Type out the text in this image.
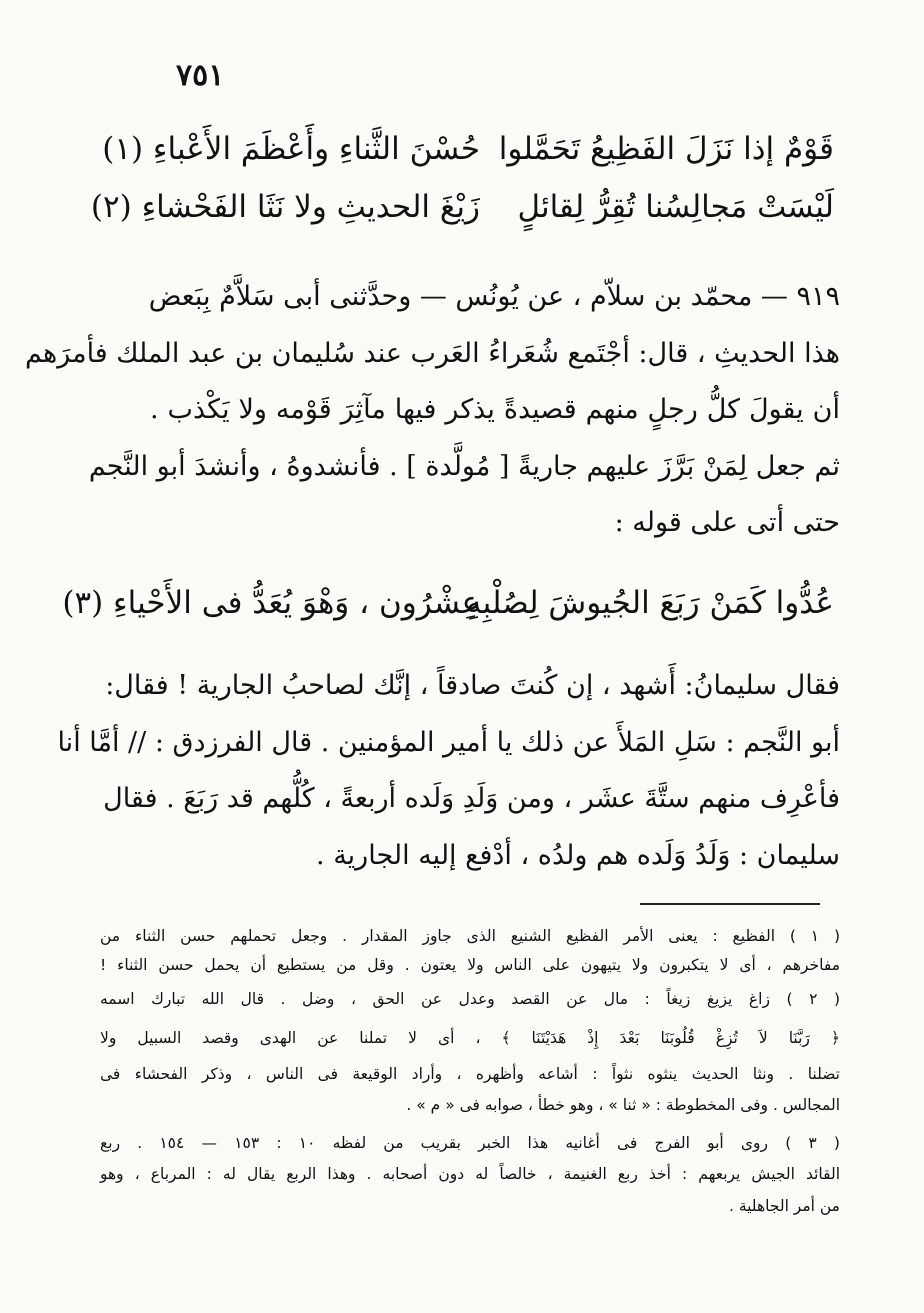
٧٥١
قَوْمٌ إذا نَزَلَ الفَظِيعُ تَحَمَّلوا
حُسْنَ الثَّناءِ وأَعْظَمَ الأَعْباءِ (١)
لَيْسَتْ مَجالِسُنا تُقِرُّ لِقائلٍ
زَيْغَ الحديثِ ولا نَثَا الفَحْشاءِ (٢)
٩١٩ — محمّد بن سلاّم ، عن يُونُس — وحدَّثنى أبى سَلاَّمٌ بِبَعض
هذا الحديثِ ، قال: أجْتَمع شُعَراءُ العَرب عند سُليمان بن عبد الملك فأمرَهم
أن يقولَ كلُّ رجلٍ منهم قصيدةً يذكر فيها مآثِرَ قَوْمه ولا يَكْذب .
ثم جعل لِمَنْ بَرَّزَ عليهم جاريةً [ مُولَّدة ] . فأنشدوهُ ، وأنشدَ أبو النَّجم
حتى أتى على قوله :
عُدُّوا كَمَنْ رَبَعَ الجُيوشَ لِصُلْبِهِ
عِشْرُون ، وَهْوَ يُعَدُّ فى الأَحْياءِ (٣)
فقال سليمانُ: أَشهد ، إن كُنتَ صادقاً ، إنَّك لصاحبُ الجارية ! فقال:
أبو النَّجم : سَلِ المَلأَ عن ذلك يا أمير المؤمنين . قال الفرزدق : // أمَّا أنا
فأعْرِف منهم ستَّةَ عشَر ، ومن وَلَدِ وَلَده أربعةً ، كُلُّهم قد رَبَعَ . فقال
سليمان : وَلَدُ وَلَده هم ولدُه ، أدْفع إليه الجارية .
( ١ ) الفظيع : يعنى الأمر الفظيع الشنيع الذى جاوز المقدار . وجعل تحملهم حسن الثناء من
مفاخرهم ، أى لا يتكبرون ولا يتيهون على الناس ولا يعتون . وقل من يستطيع أن يحمل حسن الثناء !
( ٢ ) زاغ يزيغ زيغاً : مال عن القصد وعدل عن الحق ، وضل . قال الله تبارك اسمه
﴿ رَبَّنَا لاَ تُزِغْ قُلُوبَنَا بَعْدَ إِذْ هَدَيْتَنَا ﴾ ، أى لا تملنا عن الهدى وقصد السبيل ولا
تضلنا . ونثا الحديث ينثوه نثواً : أشاعه وأظهره ، وأراد الوقيعة فى الناس ، وذكر الفحشاء فى
المجالس . وفى المخطوطة : « ثنا » ، وهو خطأ ، صوابه فى « م » .
( ٣ ) روى أبو الفرج فى أغانيه هذا الخبر بقريب من لفظه ١٠ : ١٥٣ — ١٥٤ . ربع
القائد الجيش يربعهم : أخذ ربع الغنيمة ، خالصاً له دون أصحابه . وهذا الربع يقال له : المرباع ، وهو
من أمر الجاهلية .
